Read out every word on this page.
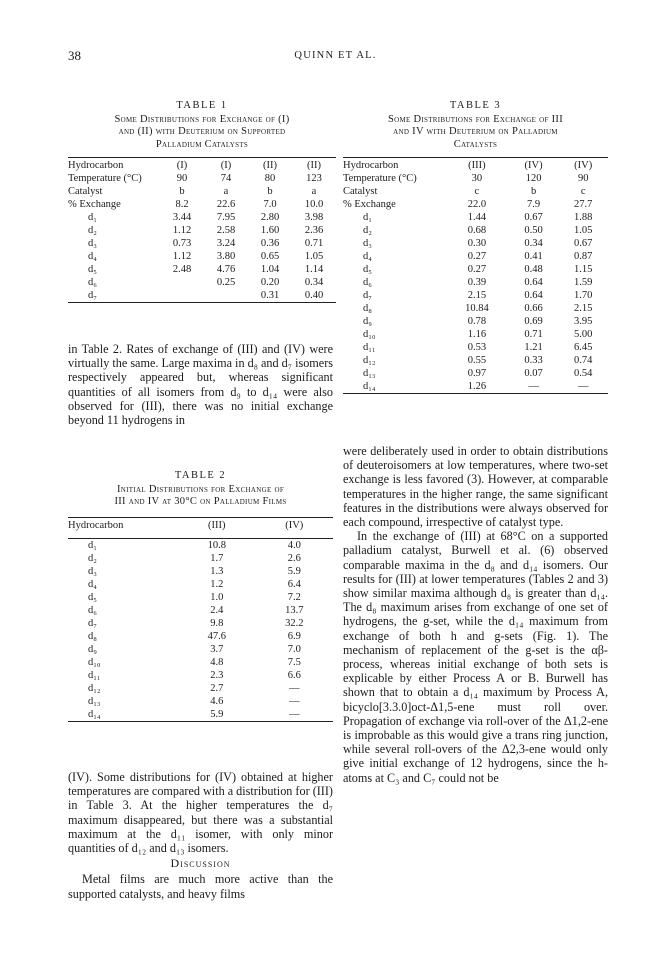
38	QUINN ET AL.
TABLE 1
Some Distributions for Exchange of (I)
and (II) with Deuterium on Supported
Palladium Catalysts
Hydrocarbon	(I)	(I)	(II)	(II)
Temperature (°C)	90	74	80	123
Catalyst	b	a	b	a
% Exchange	8.2	22.6	7.0	10.0
d₁	3.44	7.95	2.80	3.98
d₂	1.12	2.58	1.60	2.36
d₃	0.73	3.24	0.36	0.71
d₄	1.12	3.80	0.65	1.05
d₅	2.48	4.76	1.04	1.14
d₆		0.25	0.20	0.34
d₇			0.31	0.40
TABLE 3
Some Distributions for Exchange of III
and IV with Deuterium on Palladium
Catalysts
Hydrocarbon	(III)	(IV)	(IV)
Temperature (°C)	30	120	90
Catalyst	c	b	c
% Exchange	22.0	7.9	27.7
d₁	1.44	0.67	1.88
d₂	0.68	0.50	1.05
d₃	0.30	0.34	0.67
d₄	0.27	0.41	0.87
d₅	0.27	0.48	1.15
d₆	0.39	0.64	1.59
d₇	2.15	0.64	1.70
d₈	10.84	0.66	2.15
d₉	0.78	0.69	3.95
d₁₀	1.16	0.71	5.00
d₁₁	0.53	1.21	6.45
d₁₂	0.55	0.33	0.74
d₁₃	0.97	0.07	0.54
d₁₄	1.26	—	—

in Table 2. Rates of exchange of (III) and (IV) were virtually the same. Large maxima in d₈ and d₇ isomers respectively appeared but, whereas significant quantities of all isomers from d₉ to d₁₄ were also observed for (III), there was no initial exchange beyond 11 hydrogens in

TABLE 2
Initial Distributions for Exchange of
III and IV at 30°C on Palladium Films
Hydrocarbon	(III)	(IV)
d₁	10.8	4.0
d₂	1.7	2.6
d₃	1.3	5.9
d₄	1.2	6.4
d₅	1.0	7.2
d₆	2.4	13.7
d₇	9.8	32.2
d₈	47.6	6.9
d₉	3.7	7.0
d₁₀	4.8	7.5
d₁₁	2.3	6.6
d₁₂	2.7	—
d₁₃	4.6	—
d₁₄	5.9	—

(IV). Some distributions for (IV) obtained at higher temperatures are compared with a distribution for (III) in Table 3. At the higher temperatures the d₇ maximum disappeared, but there was a substantial maximum at the d₁₁ isomer, with only minor quantities of d₁₂ and d₁₃ isomers.

Discussion

Metal films are much more active than the supported catalysts, and heavy films

were deliberately used in order to obtain distributions of deuteroisomers at low temperatures, where two-set exchange is less favored (3). However, at comparable temperatures in the higher range, the same significant features in the distributions were always observed for each compound, irrespective of catalyst type.

In the exchange of (III) at 68°C on a supported palladium catalyst, Burwell et al. (6) observed comparable maxima in the d₈ and d₁₄ isomers. Our results for (III) at lower temperatures (Tables 2 and 3) show similar maxima although d₈ is greater than d₁₄. The d₈ maximum arises from exchange of one set of hydrogens, the g-set, while the d₁₄ maximum from exchange of both h and g-sets (Fig. 1). The mechanism of replacement of the g-set is the αβ-process, whereas initial exchange of both sets is explicable by either Process A or B. Burwell has shown that to obtain a d₁₄ maximum by Process A, bicyclo[3.3.0]oct-Δ1,5-ene must roll over. Propagation of exchange via roll-over of the Δ1,2-ene is improbable as this would give a trans ring junction, while several roll-overs of the Δ2,3-ene would only give initial exchange of 12 hydrogens, since the h-atoms at C₃ and C₇ could not be
